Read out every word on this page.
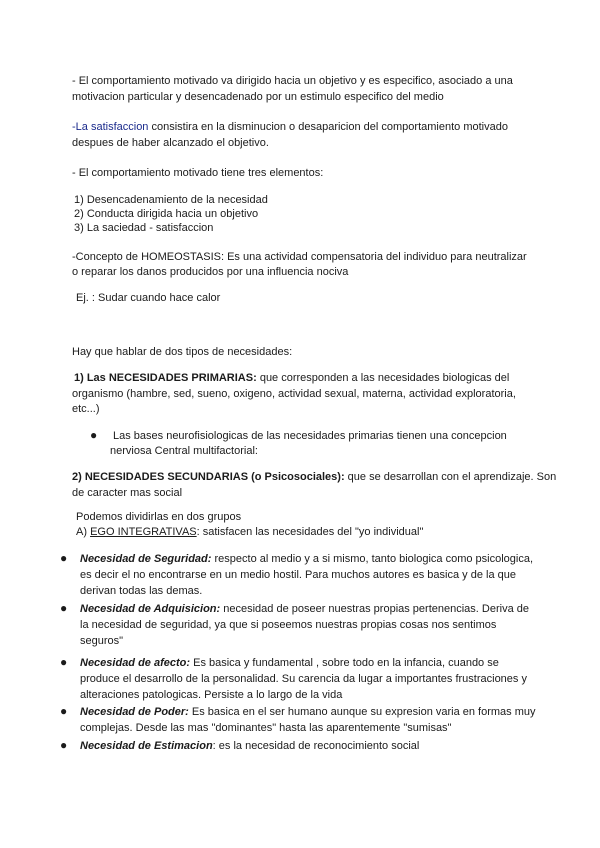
- El comportamiento motivado va dirigido hacia un objetivo y es especifico, asociado a una
motivacion particular y desencadenado por un estimulo especifico del medio
-La satisfaccion consistira en la disminucion o desaparicion del comportamiento motivado
despues de haber alcanzado el objetivo.
- El comportamiento motivado tiene tres elementos:
1) Desencadenamiento de la necesidad
2) Conducta dirigida hacia un objetivo
3) La saciedad - satisfaccion
-Concepto de HOMEOSTASIS: Es una actividad compensatoria del individuo para neutralizar
o reparar los danos producidos por una influencia nociva
Ej. : Sudar cuando hace calor
Hay que hablar de dos tipos de necesidades:
1) Las NECESIDADES PRIMARIAS: que corresponden a las necesidades biologicas del
organismo (hambre, sed, sueno, oxigeno, actividad sexual, materna, actividad exploratoria,
etc...)
● Las bases neurofisiologicas de las necesidades primarias tienen una concepcion
nerviosa Central multifactorial:
2) NECESIDADES SECUNDARIAS (o Psicosociales): que se desarrollan con el aprendizaje. Son
de caracter mas social
Podemos dividirlas en dos grupos
A) EGO INTEGRATIVAS: satisfacen las necesidades del "yo individual"
● Necesidad de Seguridad: respecto al medio y a si mismo, tanto biologica como psicologica,
es decir el no encontrarse en un medio hostil. Para muchos autores es basica y de la que
derivan todas las demas.
● Necesidad de Adquisicion: necesidad de poseer nuestras propias pertenencias. Deriva de
la necesidad de seguridad, ya que si poseemos nuestras propias cosas nos sentimos
seguros"
● Necesidad de afecto: Es basica y fundamental , sobre todo en la infancia, cuando se
produce el desarrollo de la personalidad. Su carencia da lugar a importantes frustraciones y
alteraciones patologicas. Persiste a lo largo de la vida
● Necesidad de Poder: Es basica en el ser humano aunque su expresion varia en formas muy
complejas. Desde las mas "dominantes" hasta las aparentemente "sumisas"
● Necesidad de Estimacion: es la necesidad de reconocimiento social
